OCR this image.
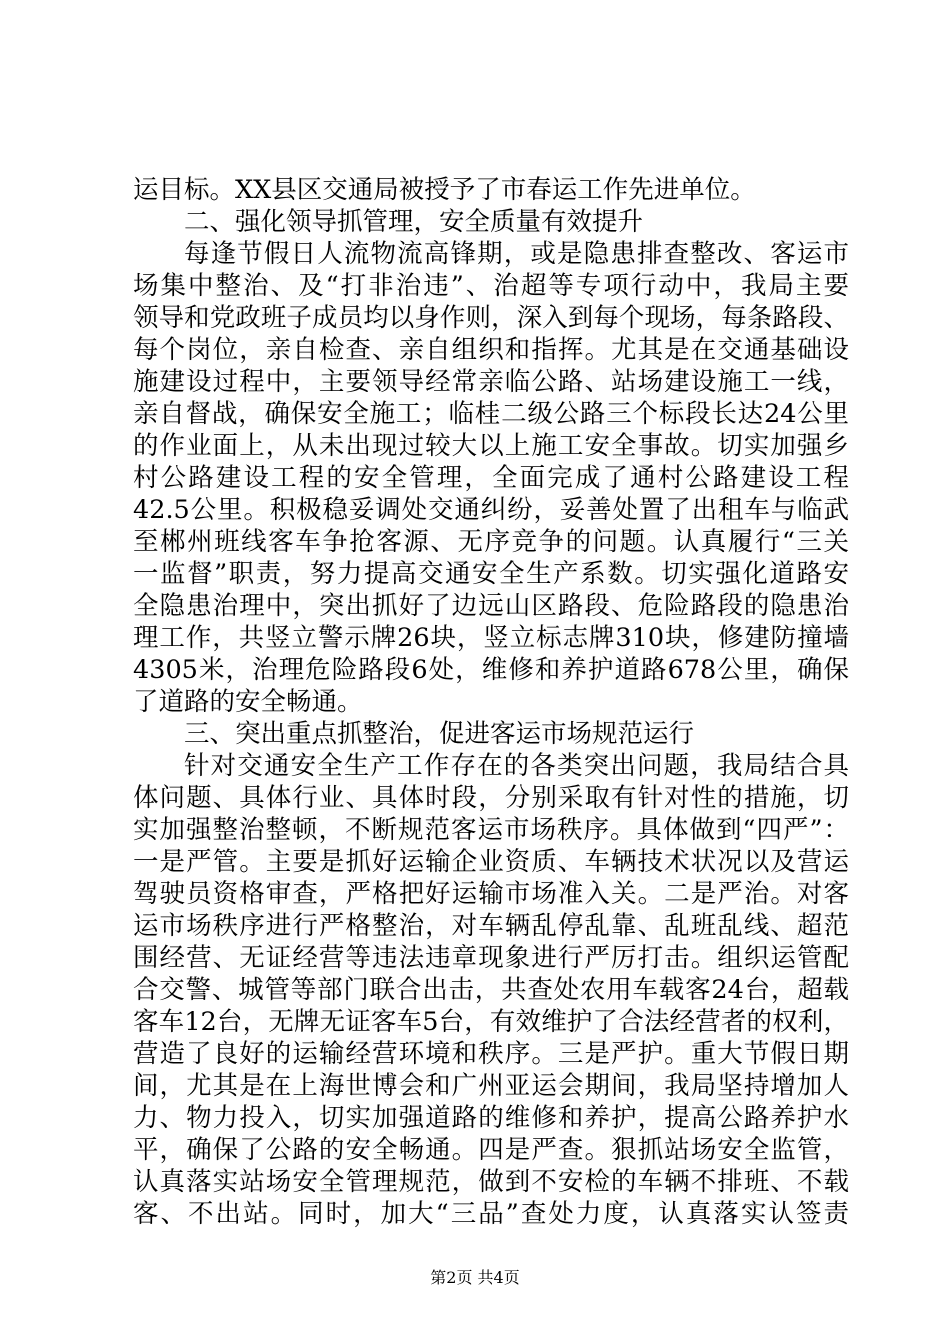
运目标。XX县区交通局被授予了市春运工作先进单位。
二、强化领导抓管理，安全质量有效提升
每逢节假日人流物流高锋期，或是隐患排查整改、客运市
场集中整治、及“打非治违”、治超等专项行动中，我局主要
领导和党政班子成员均以身作则，深入到每个现场，每条路段、
每个岗位，亲自检查、亲自组织和指挥。尤其是在交通基础设
施建设过程中，主要领导经常亲临公路、站场建设施工一线，
亲自督战，确保安全施工；临桂二级公路三个标段长达24公里
的作业面上，从未出现过较大以上施工安全事故。切实加强乡
村公路建设工程的安全管理，全面完成了通村公路建设工程
42.5公里。积极稳妥调处交通纠纷，妥善处置了出租车与临武
至郴州班线客车争抢客源、无序竞争的问题。认真履行“三关
一监督”职责，努力提高交通安全生产系数。切实强化道路安
全隐患治理中，突出抓好了边远山区路段、危险路段的隐患治
理工作，共竖立警示牌26块，竖立标志牌310块，修建防撞墙
4305米，治理危险路段6处，维修和养护道路678公里，确保
了道路的安全畅通。
三、突出重点抓整治，促进客运市场规范运行
针对交通安全生产工作存在的各类突出问题，我局结合具
体问题、具体行业、具体时段，分别采取有针对性的措施，切
实加强整治整顿，不断规范客运市场秩序。具体做到“四严”：
一是严管。主要是抓好运输企业资质、车辆技术状况以及营运
驾驶员资格审查，严格把好运输市场准入关。二是严治。对客
运市场秩序进行严格整治，对车辆乱停乱靠、乱班乱线、超范
围经营、无证经营等违法违章现象进行严厉打击。组织运管配
合交警、城管等部门联合出击，共查处农用车载客24台，超载
客车12台，无牌无证客车5台，有效维护了合法经营者的权利，
营造了良好的运输经营环境和秩序。三是严护。重大节假日期
间，尤其是在上海世博会和广州亚运会期间，我局坚持增加人
力、物力投入，切实加强道路的维修和养护，提高公路养护水
平，确保了公路的安全畅通。四是严查。狠抓站场安全监管，
认真落实站场安全管理规范，做到不安检的车辆不排班、不载
客、不出站。同时，加大“三品”查处力度，认真落实认签责
第2页 共4页
